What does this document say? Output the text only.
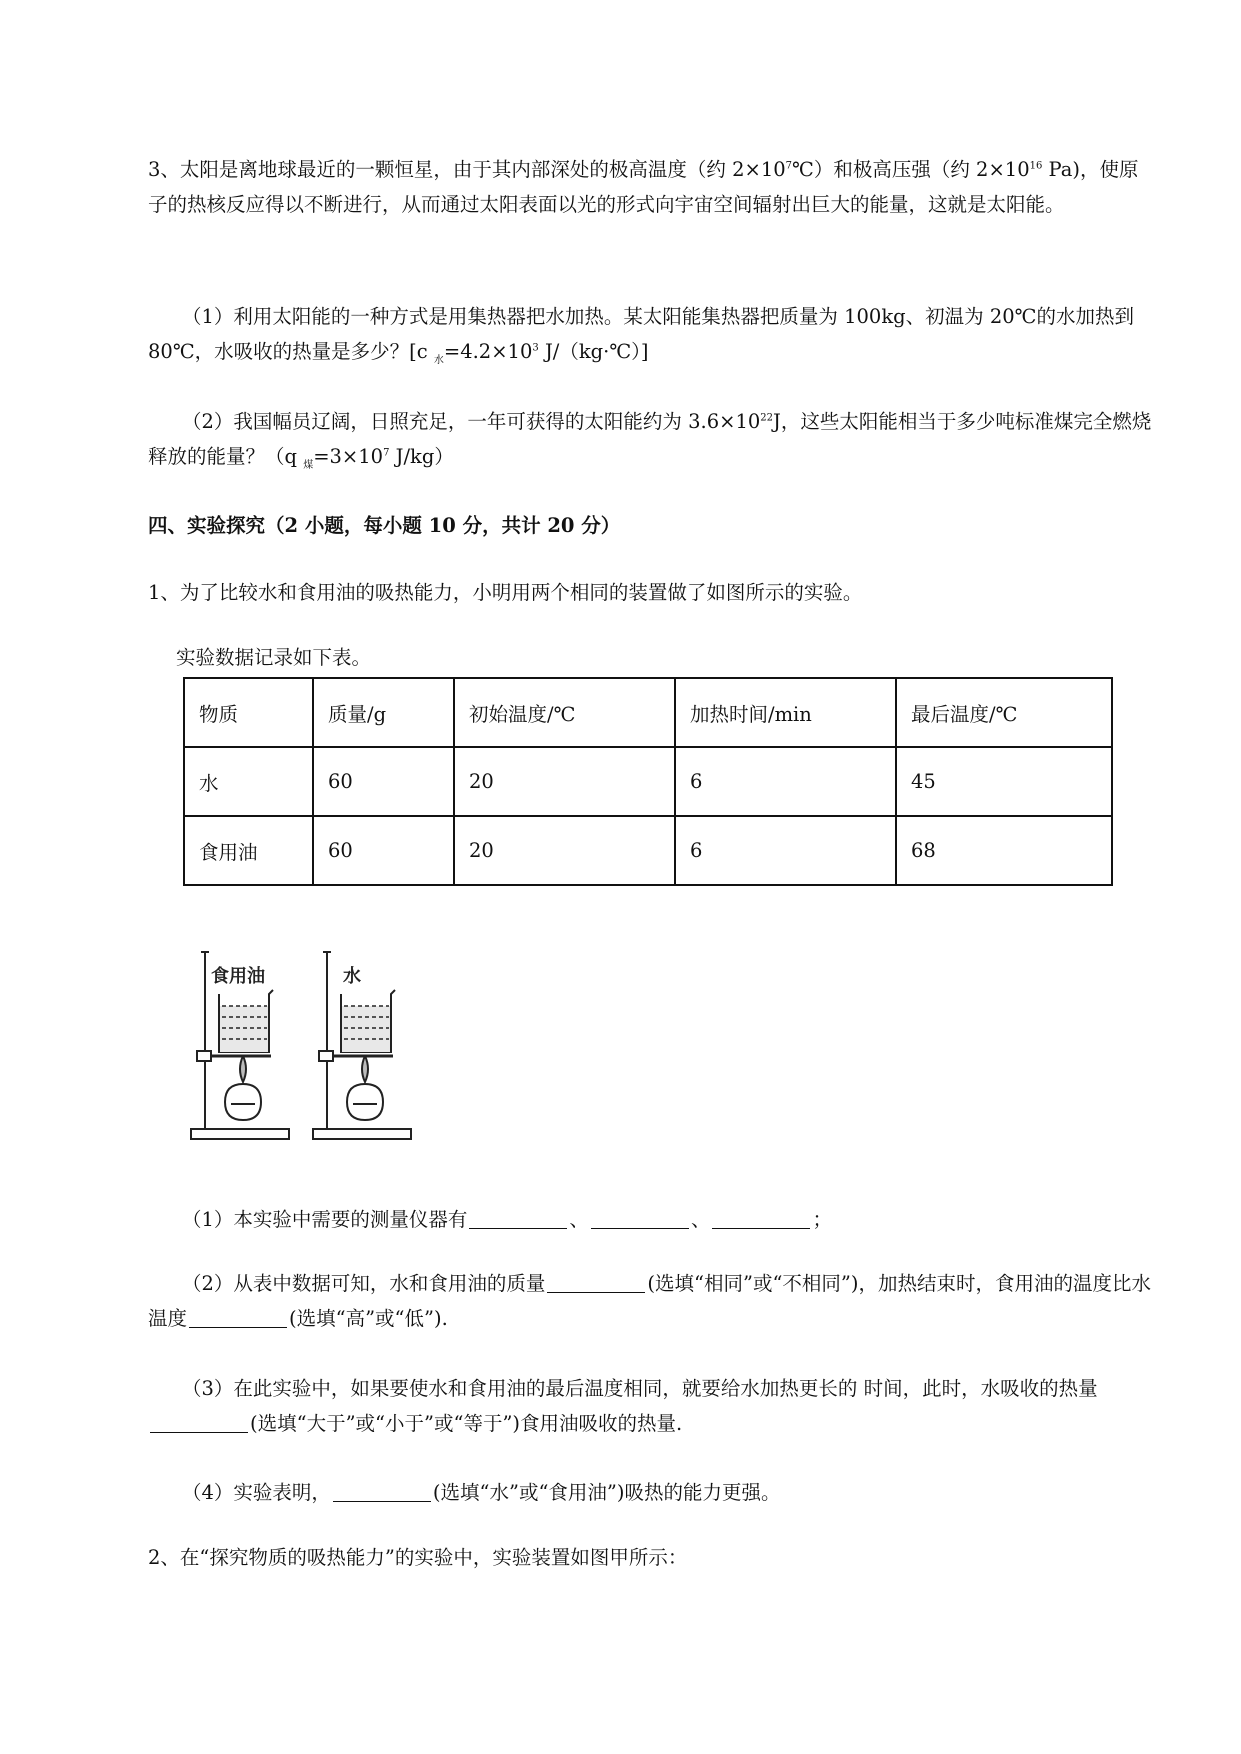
3、太阳是离地球最近的一颗恒星，由于其内部深处的极高温度（约 $2\times 10^7℃$）和极高压强（约 $2\times 10^{16}$ Pa)，使原子的热核反应得以不断进行，从而通过太阳表面以光的形式向宇宙空间辐射出巨大的能量，这就是太阳能。

（1）利用太阳能的一种方式是用集热器把水加热。某太阳能集热器把质量为 100kg、初温为 20℃的水加热到 80℃，水吸收的热量是多少？[c $_水=4.2\times 10^3$ J/（kg·℃）]

（2）我国幅员辽阔，日照充足，一年可获得的太阳能约为 $3.6\times 10^{22}J$，这些太阳能相当于多少吨标准煤完全燃烧释放的能量？（q $_煤=3\times 10^7$ J/kg）

四、实验探究（2 小题，每小题 10 分，共计 20 分）

1、为了比较水和食用油的吸热能力，小明用两个相同的装置做了如图所示的实验。

实验数据记录如下表。

物质	质量/g	初始温度/℃	加热时间/min	最后温度/℃
水	60	20	6	45
食用油	60	20	6	68
食用油	水

（1）本实验中需要的测量仪器有	、	、	；

（2）从表中数据可知，水和食用油的质量	(选填“相同”或“不相同”)，加热结束时，食用油的温度比水温度	(选填“高”或“低”).

（3）在此实验中，如果要使水和食用油的最后温度相同，就要给水加热更长的 时间，此时，水吸收的热量(选填“大于”或“小于”或“等于”)食用油吸收的热量.

（4）实验表明，	(选填“水”或“食用油”)吸热的能力更强。

2、在“探究物质的吸热能力”的实验中，实验装置如图甲所示：
